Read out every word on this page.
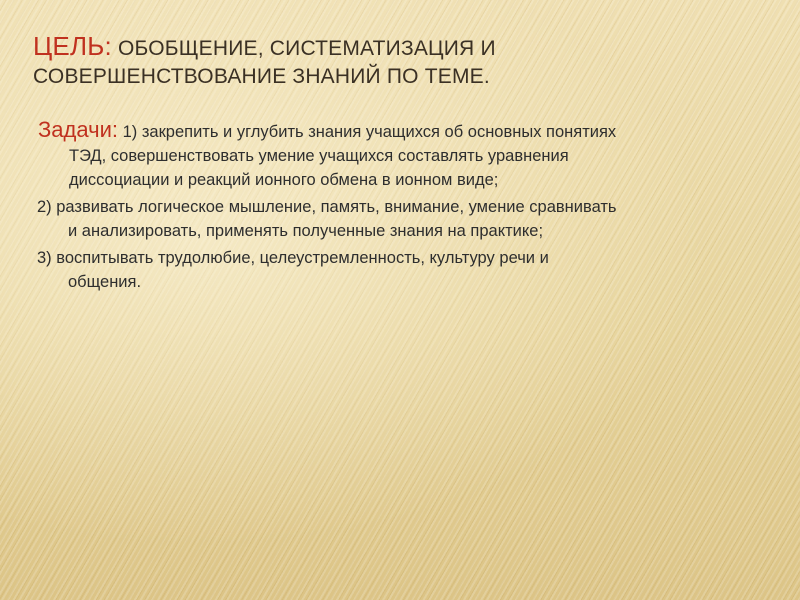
ЦЕЛЬ: ОБОБЩЕНИЕ, СИСТЕМАТИЗАЦИЯ И
СОВЕРШЕНСТВОВАНИЕ ЗНАНИЙ ПО ТЕМЕ.
Задачи: 1) закрепить и углубить знания учащихся об основных понятиях
ТЭД, совершенствовать умение учащихся составлять уравнения
диссоциации и реакций ионного обмена в ионном виде;
2) развивать логическое мышление, память, внимание, умение сравнивать
и анализировать, применять полученные знания на практике;
3) воспитывать трудолюбие, целеустремленность, культуру речи и
общения.
